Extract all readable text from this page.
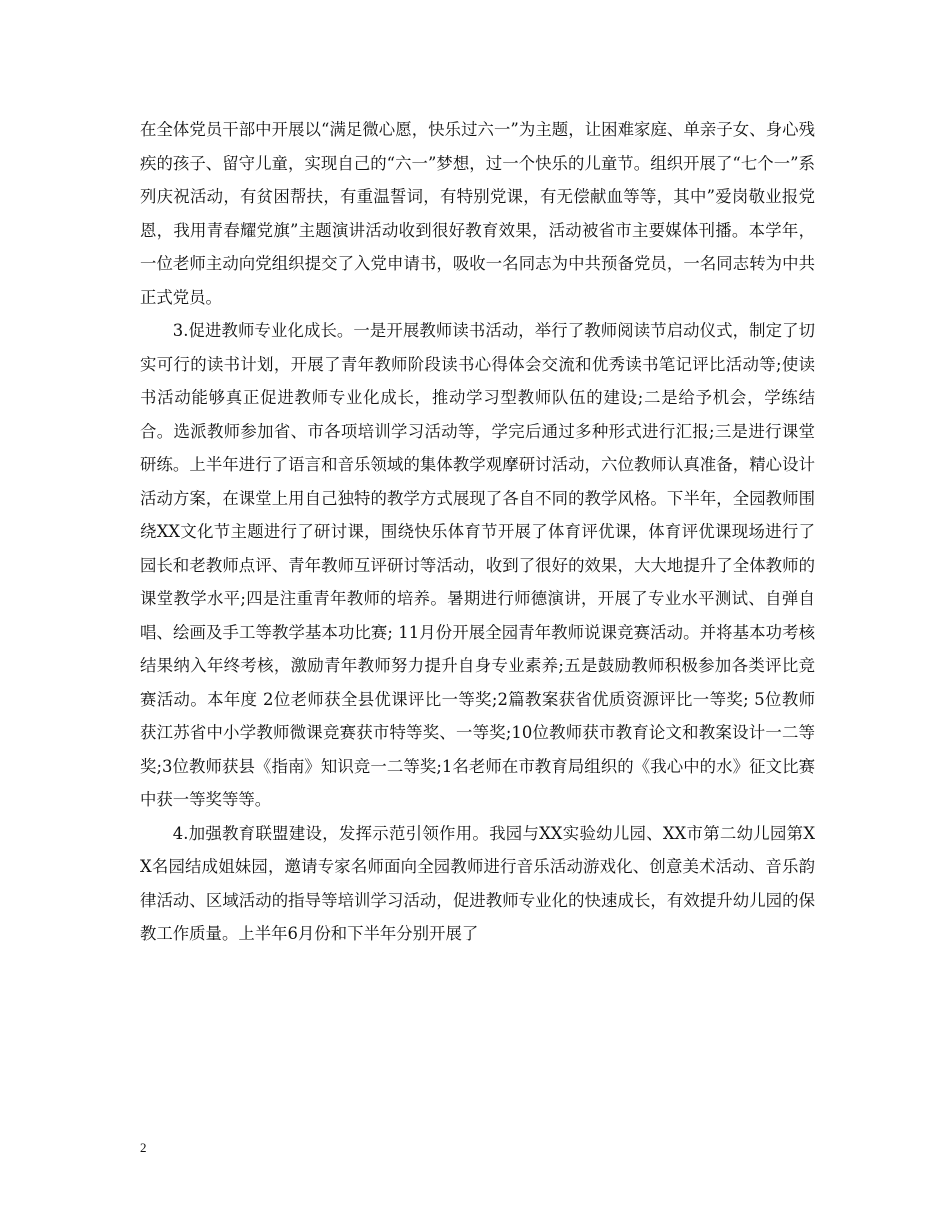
在全体党员干部中开展以“满足微心愿，快乐过六一”为主题，让困难家庭、单亲子女、身心残疾的孩子、留守儿童，实现自己的“六一”梦想，过一个快乐的儿童节。组织开展了“七个一”系列庆祝活动，有贫困帮扶，有重温誓词，有特别党课，有无偿献血等等，其中”爱岗敬业报党恩，我用青春耀党旗”主题演讲活动收到很好教育效果，活动被省市主要媒体刊播。本学年，一位老师主动向党组织提交了入党申请书，吸收一名同志为中共预备党员，一名同志转为中共正式党员。

3.促进教师专业化成长。一是开展教师读书活动，举行了教师阅读节启动仪式，制定了切实可行的读书计划，开展了青年教师阶段读书心得体会交流和优秀读书笔记评比活动等;使读书活动能够真正促进教师专业化成长，推动学习型教师队伍的建设;二是给予机会，学练结合。选派教师参加省、市各项培训学习活动等，学完后通过多种形式进行汇报;三是进行课堂研练。上半年进行了语言和音乐领域的集体教学观摩研讨活动，六位教师认真准备，精心设计活动方案，在课堂上用自己独特的教学方式展现了各自不同的教学风格。下半年，全园教师围绕XX文化节主题进行了研讨课，围绕快乐体育节开展了体育评优课，体育评优课现场进行了园长和老教师点评、青年教师互评研讨等活动，收到了很好的效果，大大地提升了全体教师的课堂教学水平;四是注重青年教师的培养。暑期进行师德演讲，开展了专业水平测试、自弹自唱、绘画及手工等教学基本功比赛; 11月份开展全园青年教师说课竞赛活动。并将基本功考核结果纳入年终考核，激励青年教师努力提升自身专业素养;五是鼓励教师积极参加各类评比竞赛活动。本年度 2位老师获全县优课评比一等奖;2篇教案获省优质资源评比一等奖; 5位教师获江苏省中小学教师微课竞赛获市特等奖、一等奖;10位教师获市教育论文和教案设计一二等奖;3位教师获县《指南》知识竞一二等奖;1名老师在市教育局组织的《我心中的水》征文比赛中获一等奖等等。

4.加强教育联盟建设，发挥示范引领作用。我园与XX实验幼儿园、XX市第二幼儿园第XX名园结成姐妹园，邀请专家名师面向全园教师进行音乐活动游戏化、创意美术活动、音乐韵律活动、区域活动的指导等培训学习活动，促进教师专业化的快速成长，有效提升幼儿园的保教工作质量。上半年6月份和下半年分别开展了

2
